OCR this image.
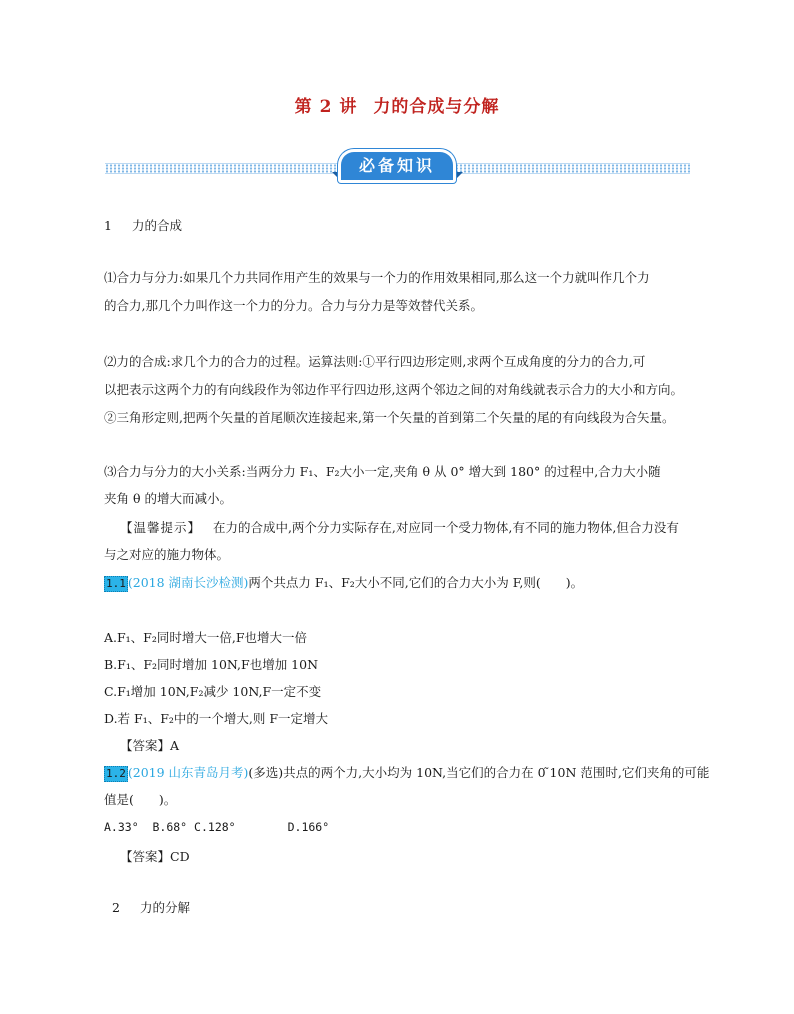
第 2 讲 力的合成与分解
必备知识
1 力的合成
⑴合力与分力:如果几个力共同作用产生的效果与一个力的作用效果相同,那么这一个力就叫作几个力
的合力,那几个力叫作这一个力的分力。合力与分力是等效替代关系。
⑵力的合成:求几个力的合力的过程。运算法则:①平行四边形定则,求两个互成角度的分力的合力,可
以把表示这两个力的有向线段作为邻边作平行四边形,这两个邻边之间的对角线就表示合力的大小和方向。
②三角形定则,把两个矢量的首尾顺次连接起来,第一个矢量的首到第二个矢量的尾的有向线段为合矢量。
⑶合力与分力的大小关系:当两分力 F₁、F₂大小一定,夹角 θ 从 0° 增大到 180° 的过程中,合力大小随
夹角 θ 的增大而减小。
【温馨提示】 在力的合成中,两个分力实际存在,对应同一个受力物体,有不同的施力物体,但合力没有
与之对应的施力物体。
1.1 (2018 湖南长沙检测)两个共点力 F₁、F₂大小不同,它们的合力大小为 F,则(　　)。
A.F₁、F₂同时增大一倍,F也增大一倍
B.F₁、F₂同时增加 10N,F也增加 10N
C.F₁增加 10N,F₂减少 10N,F一定不变
D.若 F₁、F₂中的一个增大,则 F一定增大
【答案】A
1.2 (2019 山东青岛月考)(多选)共点的两个力,大小均为 10N,当它们的合力在 0 ̃10N 范围时,它们夹角的可能
值是(　　)。
A.33° B.68° C.128°	D.166°
【答案】CD
2 力的分解
